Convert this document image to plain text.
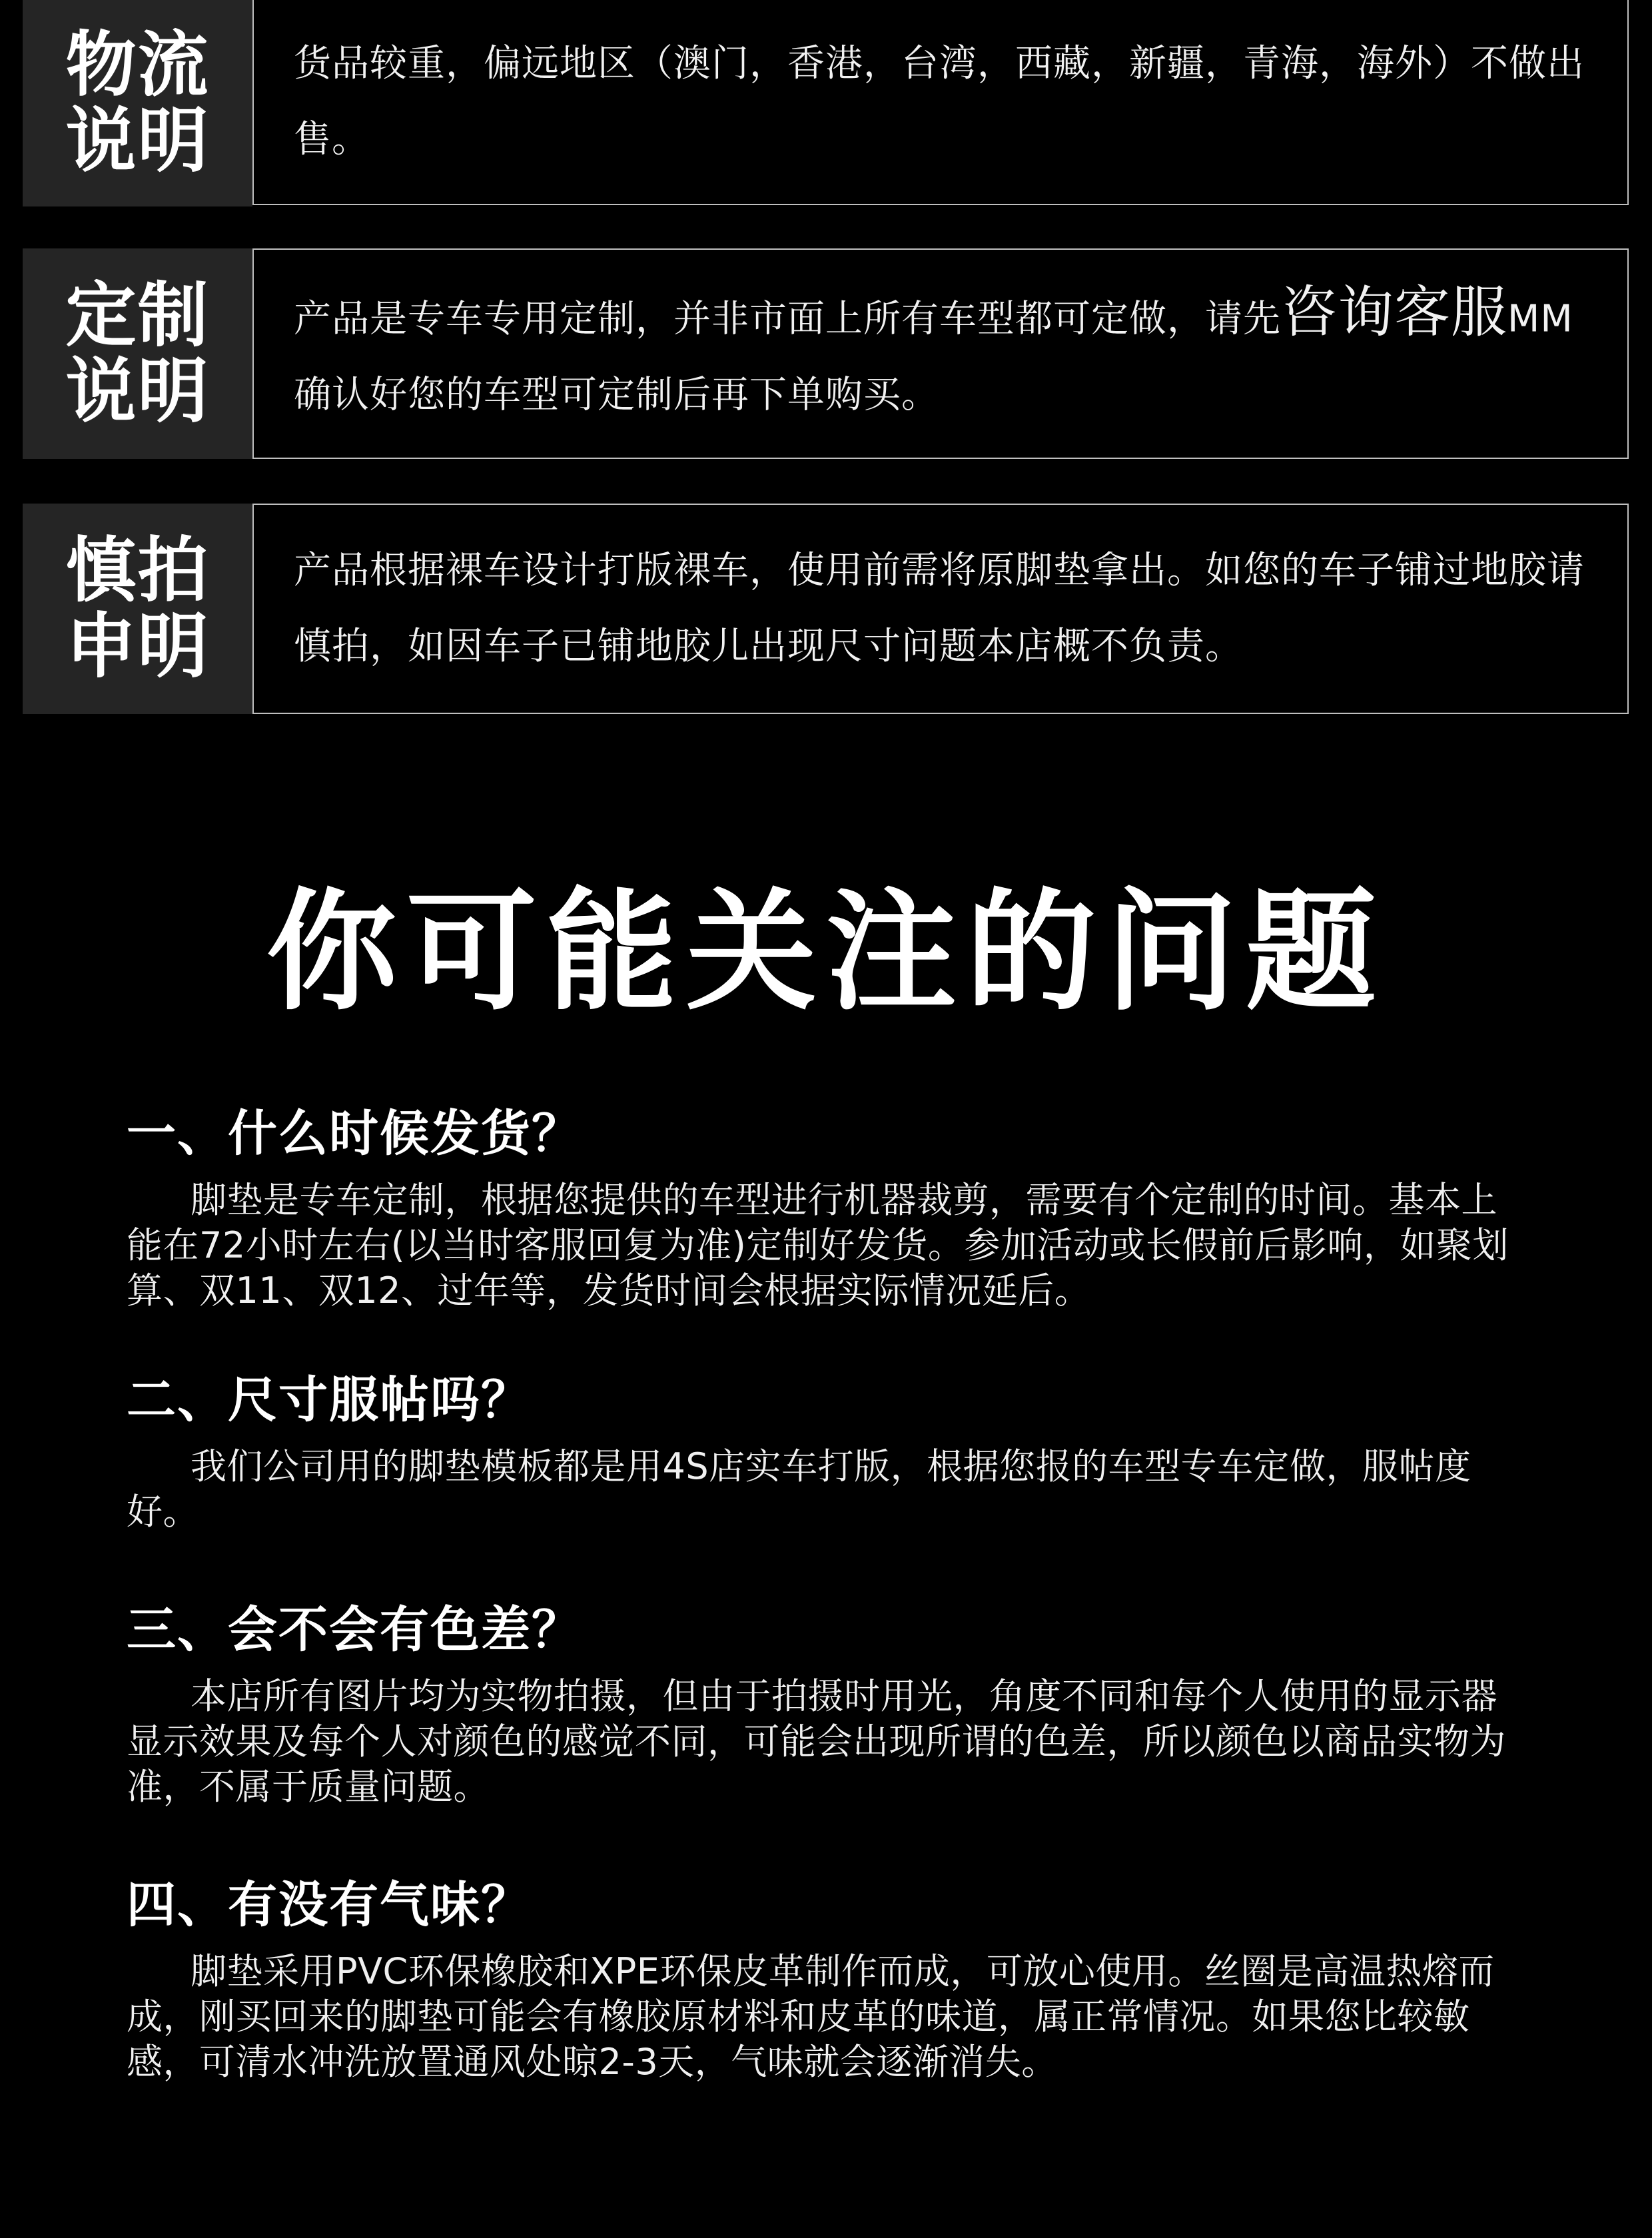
物流
说明
货品较重，偏远地区（澳门，香港，台湾，西藏，新疆，青海，海外）不做出售。
定制
说明
产品是专车专用定制，并非市面上所有车型都可定做，请先咨询客服MM确认好您的车型可定制后再下单购买。
慎拍
申明
产品根据裸车设计打版裸车，使用前需将原脚垫拿出。如您的车子铺过地胶请慎拍，如因车子已铺地胶儿出现尺寸问题本店概不负责。
你可能关注的问题
一、什么时候发货？
脚垫是专车定制，根据您提供的车型进行机器裁剪，需要有个定制的时间。基本上能在72小时左右(以当时客服回复为准)定制好发货。参加活动或长假前后影响，如聚划算、双11、双12、过年等，发货时间会根据实际情况延后。
二、尺寸服帖吗？
我们公司用的脚垫模板都是用4S店实车打版，根据您报的车型专车定做，服帖度好。
三、会不会有色差？
本店所有图片均为实物拍摄，但由于拍摄时用光，角度不同和每个人使用的显示器显示效果及每个人对颜色的感觉不同，可能会出现所谓的色差，所以颜色以商品实物为准，不属于质量问题。
四、有没有气味？
脚垫采用PVC环保橡胶和XPE环保皮革制作而成，可放心使用。丝圈是高温热熔而成，刚买回来的脚垫可能会有橡胶原材料和皮革的味道，属正常情况。如果您比较敏感，可清水冲洗放置通风处晾2-3天，气味就会逐渐消失。
